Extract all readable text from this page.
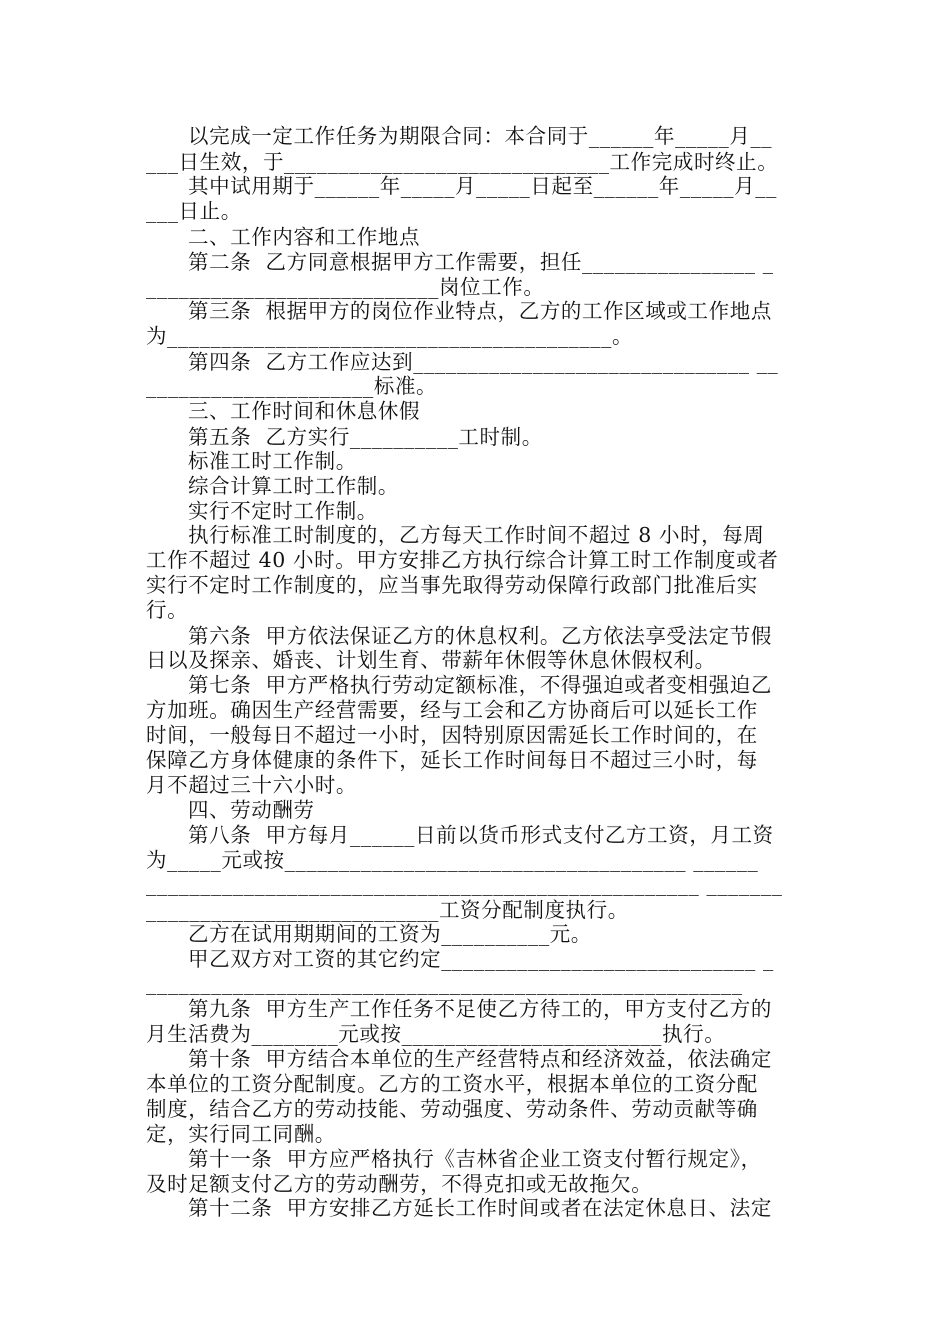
以完成一定工作任务为期限合同：本合同于______年_____月__
___日生效，于______________________________工作完成时终止。
其中试用期于______年_____月_____日起至______年_____月__
___日止。
二、工作内容和工作地点
第二条  乙方同意根据甲方工作需要，担任________________ _
___________________________岗位工作。
第三条  根据甲方的岗位作业特点，乙方的工作区域或工作地点
为_________________________________________。
第四条  乙方工作应达到_______________________________ __
_____________________标准。
三、工作时间和休息休假
第五条  乙方实行__________工时制。
标准工时工作制。
综合计算工时工作制。
实行不定时工作制。
执行标准工时制度的，乙方每天工作时间不超过 8 小时，每周
工作不超过 40 小时。甲方安排乙方执行综合计算工时工作制度或者
实行不定时工作制度的，应当事先取得劳动保障行政部门批准后实
行。
第六条  甲方依法保证乙方的休息权利。乙方依法享受法定节假
日以及探亲、婚丧、计划生育、带薪年休假等休息休假权利。
第七条  甲方严格执行劳动定额标准，不得强迫或者变相强迫乙
方加班。确因生产经营需要，经与工会和乙方协商后可以延长工作
时间，一般每日不超过一小时，因特别原因需延长工作时间的，在
保障乙方身体健康的条件下，延长工作时间每日不超过三小时，每
月不超过三十六小时。
四、劳动酬劳
第八条  甲方每月______日前以货币形式支付乙方工资，月工资
为_____元或按_____________________________________ ______
___________________________________________________ _______
___________________________工资分配制度执行。
乙方在试用期期间的工资为__________元。
甲乙双方对工资的其它约定_____________________________ _
_______________________________________________________
第九条  甲方生产工作任务不足使乙方待工的，甲方支付乙方的
月生活费为________元或按________________________执行。
第十条  甲方结合本单位的生产经营特点和经济效益，依法确定
本单位的工资分配制度。乙方的工资水平，根据本单位的工资分配
制度，结合乙方的劳动技能、劳动强度、劳动条件、劳动贡献等确
定，实行同工同酬。
第十一条  甲方应严格执行《吉林省企业工资支付暂行规定》，
及时足额支付乙方的劳动酬劳，不得克扣或无故拖欠。
第十二条  甲方安排乙方延长工作时间或者在法定休息日、法定
